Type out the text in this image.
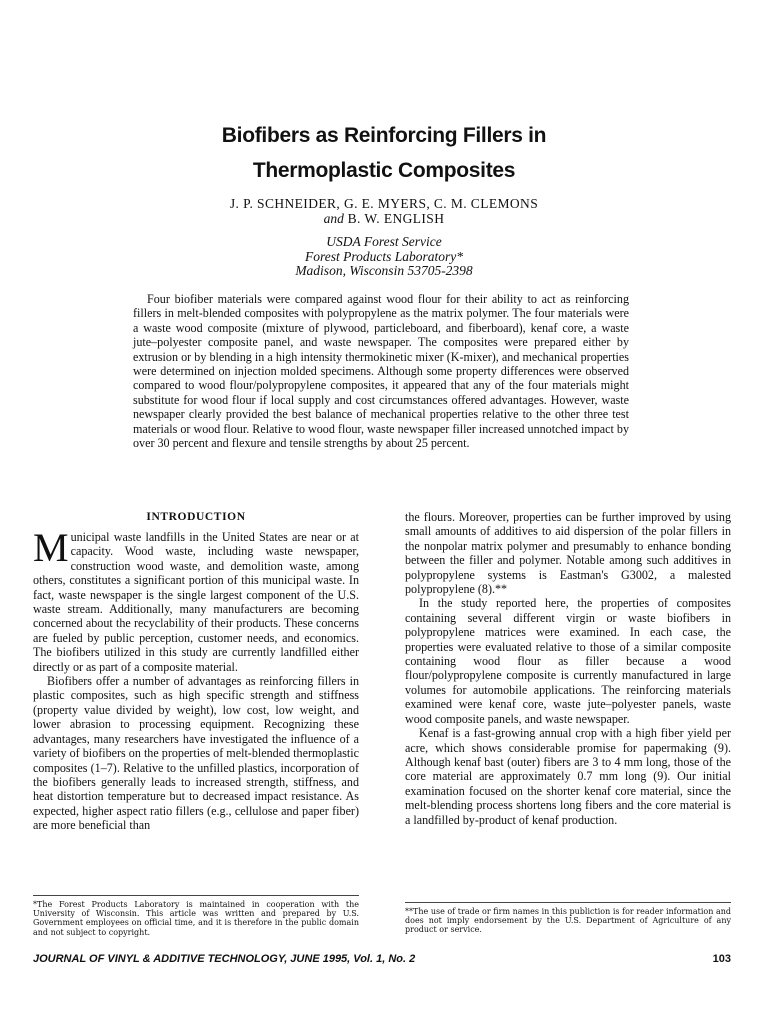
Biofibers as Reinforcing Fillers in
Thermoplastic Composites
J. P. SCHNEIDER, G. E. MYERS, C. M. CLEMONS
and B. W. ENGLISH
USDA Forest Service
Forest Products Laboratory*
Madison, Wisconsin 53705-2398

Four biofiber materials were compared against wood flour for their ability to act as reinforcing fillers in melt-blended composites with polypropylene as the matrix polymer. The four materials were a waste wood composite (mixture of plywood, particleboard, and fiberboard), kenaf core, a waste jute–polyester composite panel, and waste newspaper. The composites were prepared either by extrusion or by blending in a high intensity thermokinetic mixer (K-mixer), and mechanical properties were determined on injection molded specimens. Although some property differences were observed compared to wood flour/polypropylene composites, it appeared that any of the four materials might substitute for wood flour if local supply and cost circumstances offered advantages. However, waste newspaper clearly provided the best balance of mechanical properties relative to the other three test materials or wood flour. Relative to wood flour, waste newspaper filler increased unnotched impact by over 30 percent and flexure and tensile strengths by about 25 percent.

INTRODUCTION

Municipal waste landfills in the United States are near or at capacity. Wood waste, including waste newspaper, construction wood waste, and demolition waste, among others, constitutes a significant portion of this municipal waste. In fact, waste newspaper is the single largest component of the U.S. waste stream. Additionally, many manufacturers are becoming concerned about the recyclability of their products. These concerns are fueled by public perception, customer needs, and economics. The biofibers utilized in this study are currently landfilled either directly or as part of a composite material.

Biofibers offer a number of advantages as reinforcing fillers in plastic composites, such as high specific strength and stiffness (property value divided by weight), low cost, low weight, and lower abrasion to processing equipment. Recognizing these advantages, many researchers have investigated the influence of a variety of biofibers on the properties of melt-blended thermoplastic composites (1–7). Relative to the unfilled plastics, incorporation of the biofibers generally leads to increased strength, stiffness, and heat distortion temperature but to decreased impact resistance. As expected, higher aspect ratio fillers (e.g., cellulose and paper fiber) are more beneficial than

the flours. Moreover, properties can be further improved by using small amounts of additives to aid dispersion of the polar fillers in the nonpolar matrix polymer and presumably to enhance bonding between the filler and polymer. Notable among such additives in polypropylene systems is Eastman's G3002, a malested polypropylene (8).**

In the study reported here, the properties of composites containing several different virgin or waste biofibers in polypropylene matrices were examined. In each case, the properties were evaluated relative to those of a similar composite containing wood flour as filler because a wood flour/polypropylene composite is currently manufactured in large volumes for automobile applications. The reinforcing materials examined were kenaf core, waste jute–polyester panels, waste wood composite panels, and waste newspaper.

Kenaf is a fast-growing annual crop with a high fiber yield per acre, which shows considerable promise for papermaking (9). Although kenaf bast (outer) fibers are 3 to 4 mm long, those of the core material are approximately 0.7 mm long (9). Our initial examination focused on the shorter kenaf core material, since the melt-blending process shortens long fibers and the core material is a landfilled by-product of kenaf production.

*The Forest Products Laboratory is maintained in cooperation with the University of Wisconsin. This article was written and prepared by U.S. Government employees on official time, and it is therefore in the public domain and not subject to copyright.

**The use of trade or firm names in this publiction is for reader information and does not imply endorsement by the U.S. Department of Agriculture of any product or service.

JOURNAL OF VINYL & ADDITIVE TECHNOLOGY, JUNE 1995, Vol. 1, No. 2	103
